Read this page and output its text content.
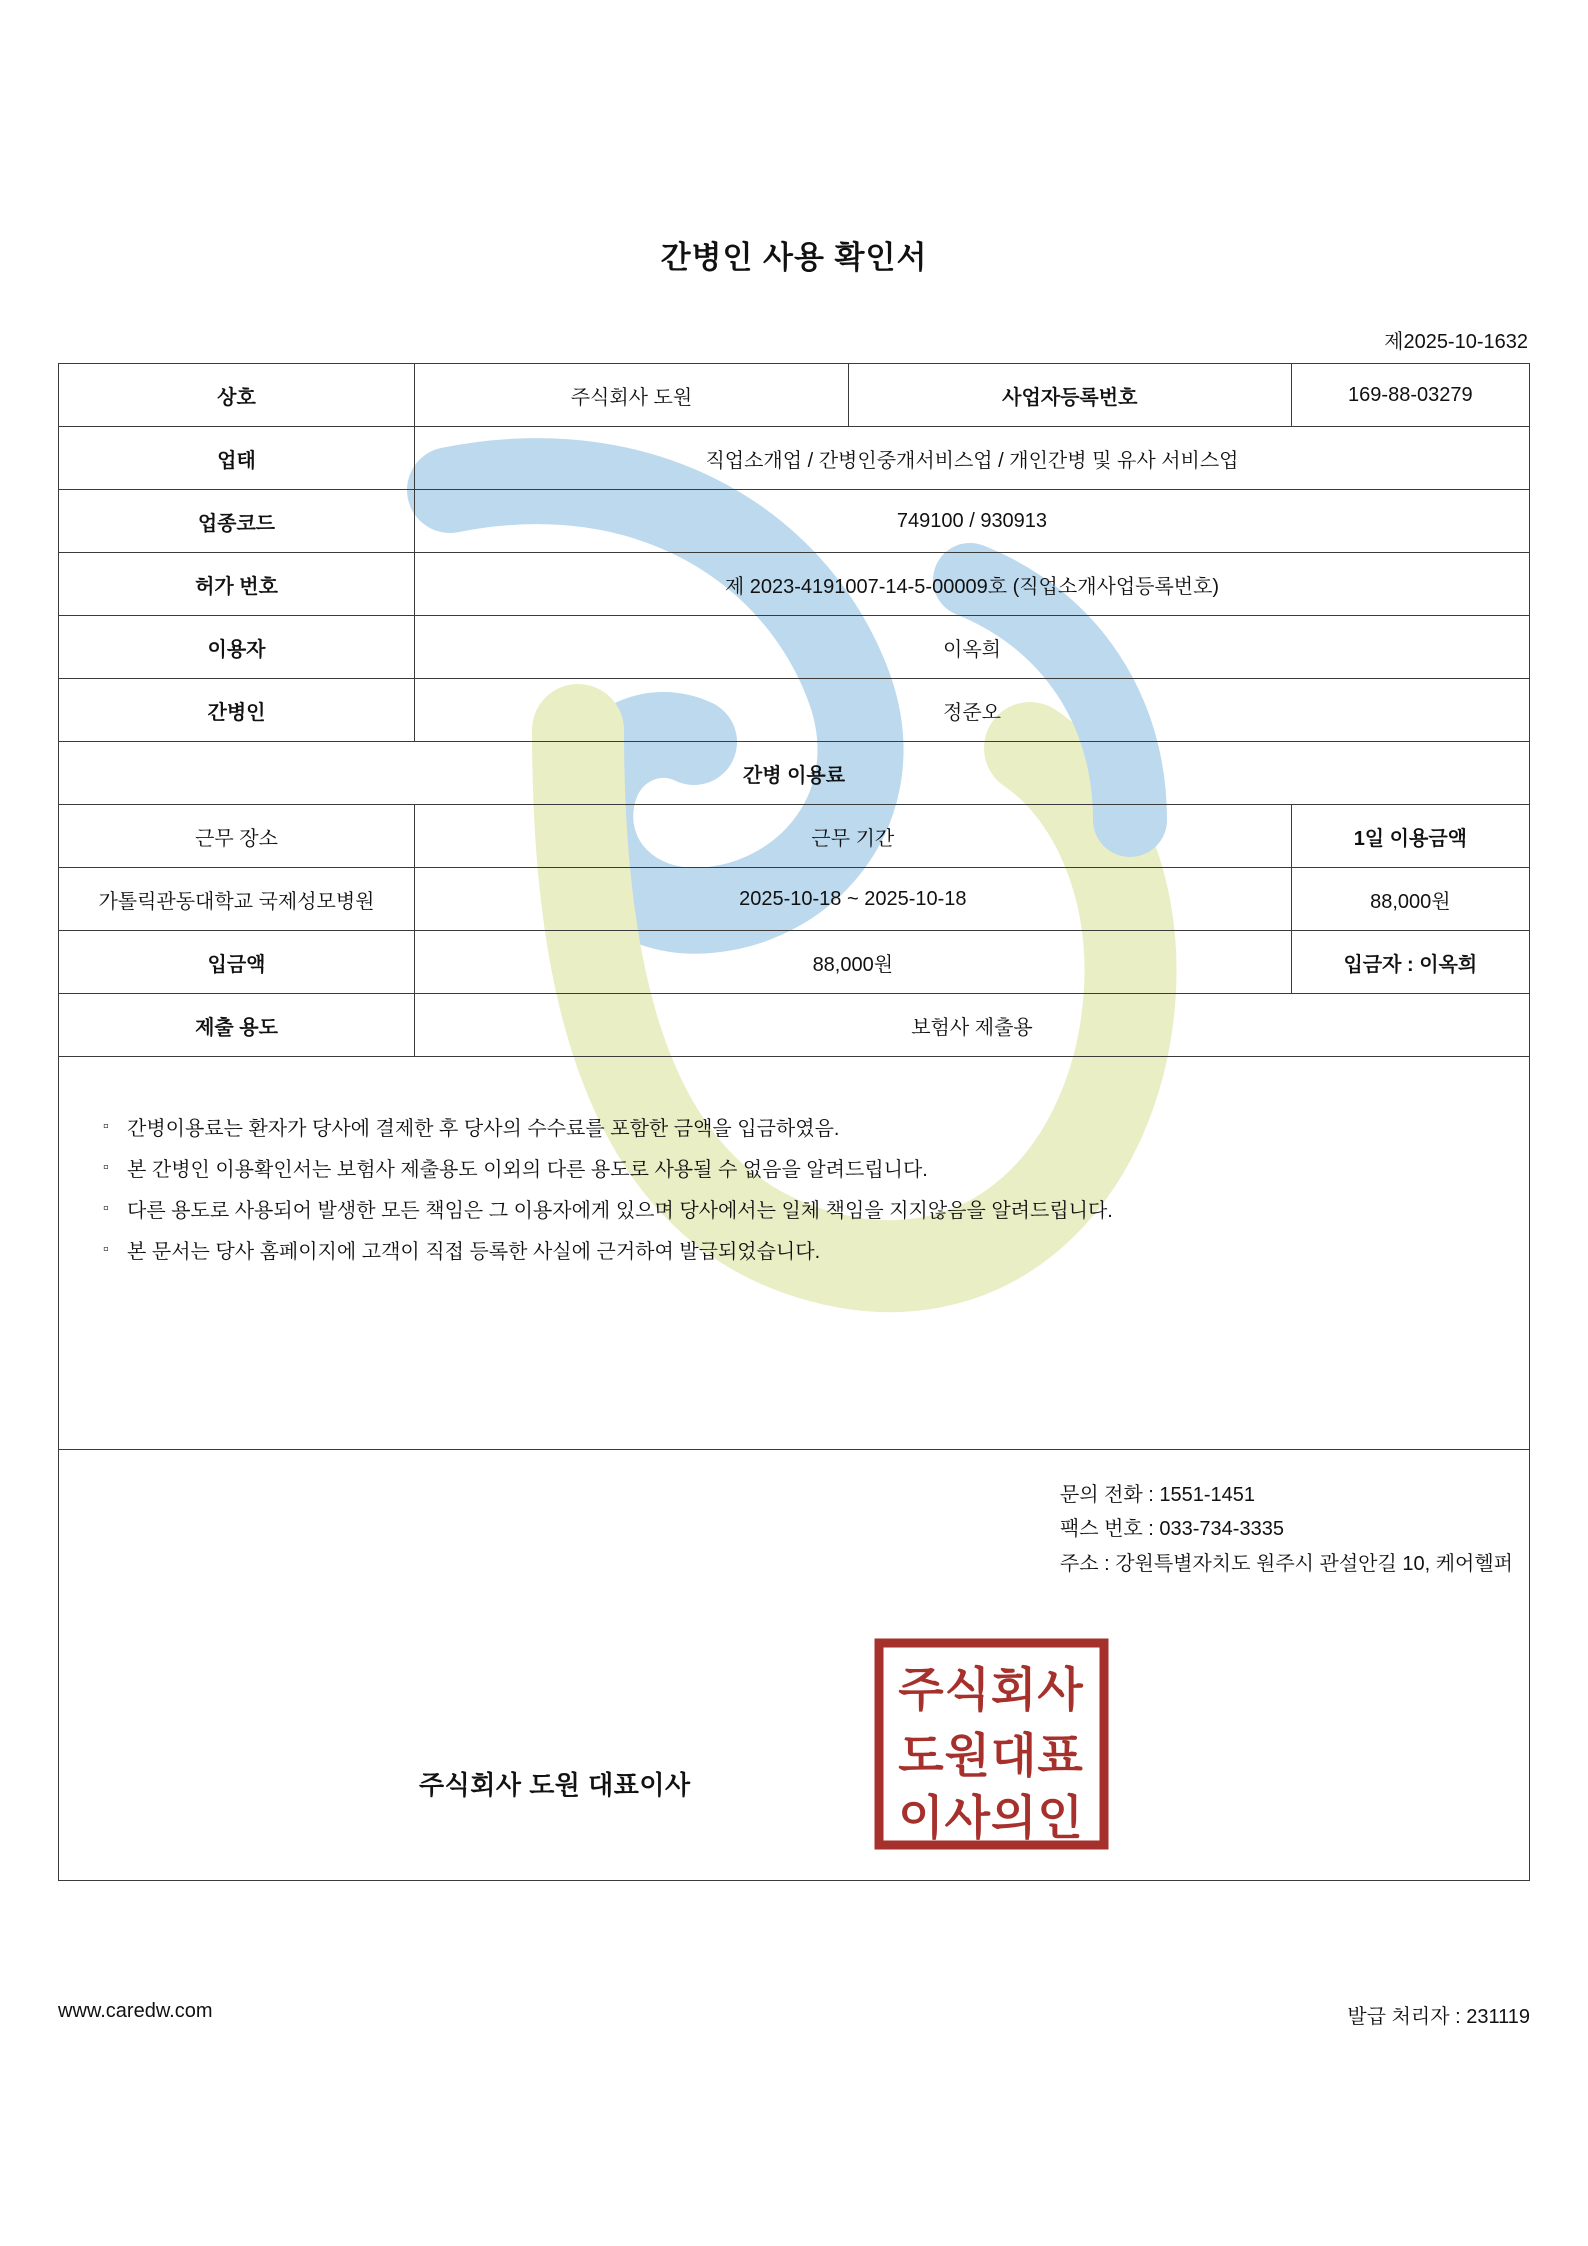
간병인 사용 확인서
제2025-10-1632
상호	주식회사 도원	사업자등록번호	169-88-03279
업태	직업소개업 / 간병인중개서비스업 / 개인간병 및 유사 서비스업		
업종코드	749100 / 930913		
허가 번호	제 2023-4191007-14-5-00009호 (직업소개사업등록번호)		
이용자	이옥희		
간병인	정준오		
간병 이용료			
근무 장소	근무 기간		1일 이용금액
가톨릭관동대학교 국제성모병원	2025-10-18 ~ 2025-10-18		88,000원
입금액	88,000원		입금자 : 이옥희
제출 용도	보험사 제출용		

▫ 간병이용료는 환자가 당사에 결제한 후 당사의 수수료를 포함한 금액을 입금하였음.
▫ 본 간병인 이용확인서는 보험사 제출용도 이외의 다른 용도로 사용될 수 없음을 알려드립니다.
▫ 다른 용도로 사용되어 발생한 모든 책임은 그 이용자에게 있으며 당사에서는 일체 책임을 지지않음을 알려드립니다.
▫ 본 문서는 당사 홈페이지에 고객이 직접 등록한 사실에 근거하여 발급되었습니다.

문의 전화 : 1551-1451
팩스 번호 : 033-734-3335
주소 : 강원특별자치도 원주시 관설안길 10, 케어헬퍼
주식회사 도원 대표이사
주식회사
도원대표
이사의인
www.caredw.com	발급 처리자 : 231119
